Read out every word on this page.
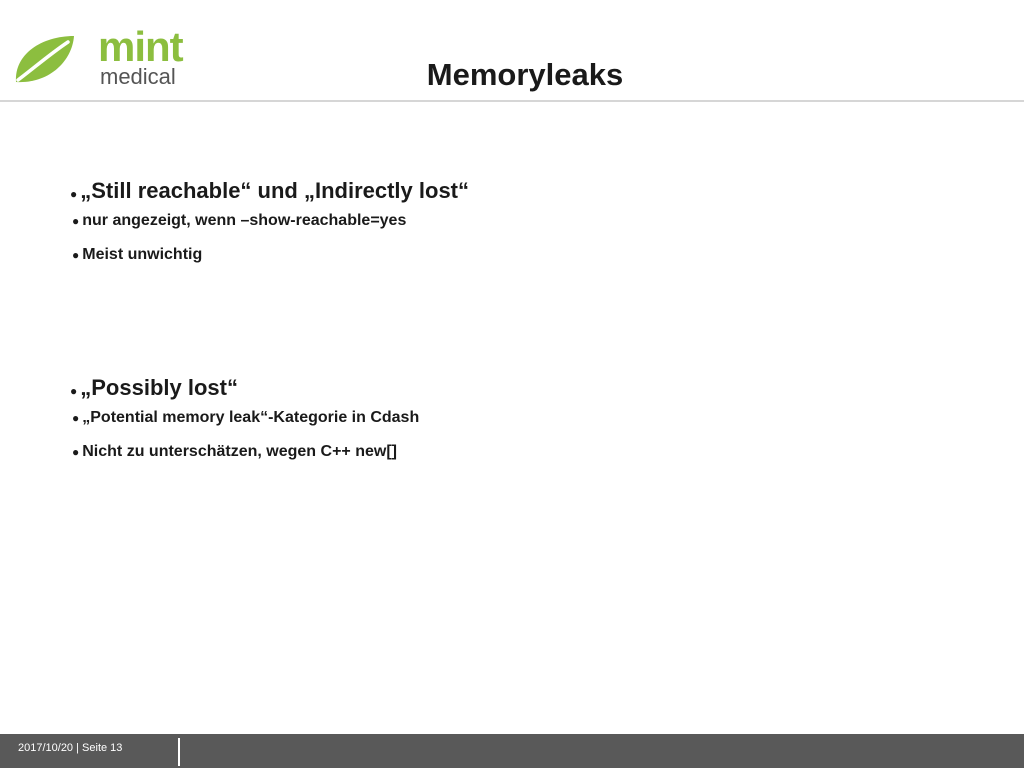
mint
medical	Memoryleaks
● „Still reachable“ und „Indirectly lost“
● nur angezeigt, wenn –show-reachable=yes
● Meist unwichtig
● „Possibly lost“
● „Potential memory leak“-Kategorie in Cdash
● Nicht zu unterschätzen, wegen C++ new[]
2017/10/20 | Seite 13
